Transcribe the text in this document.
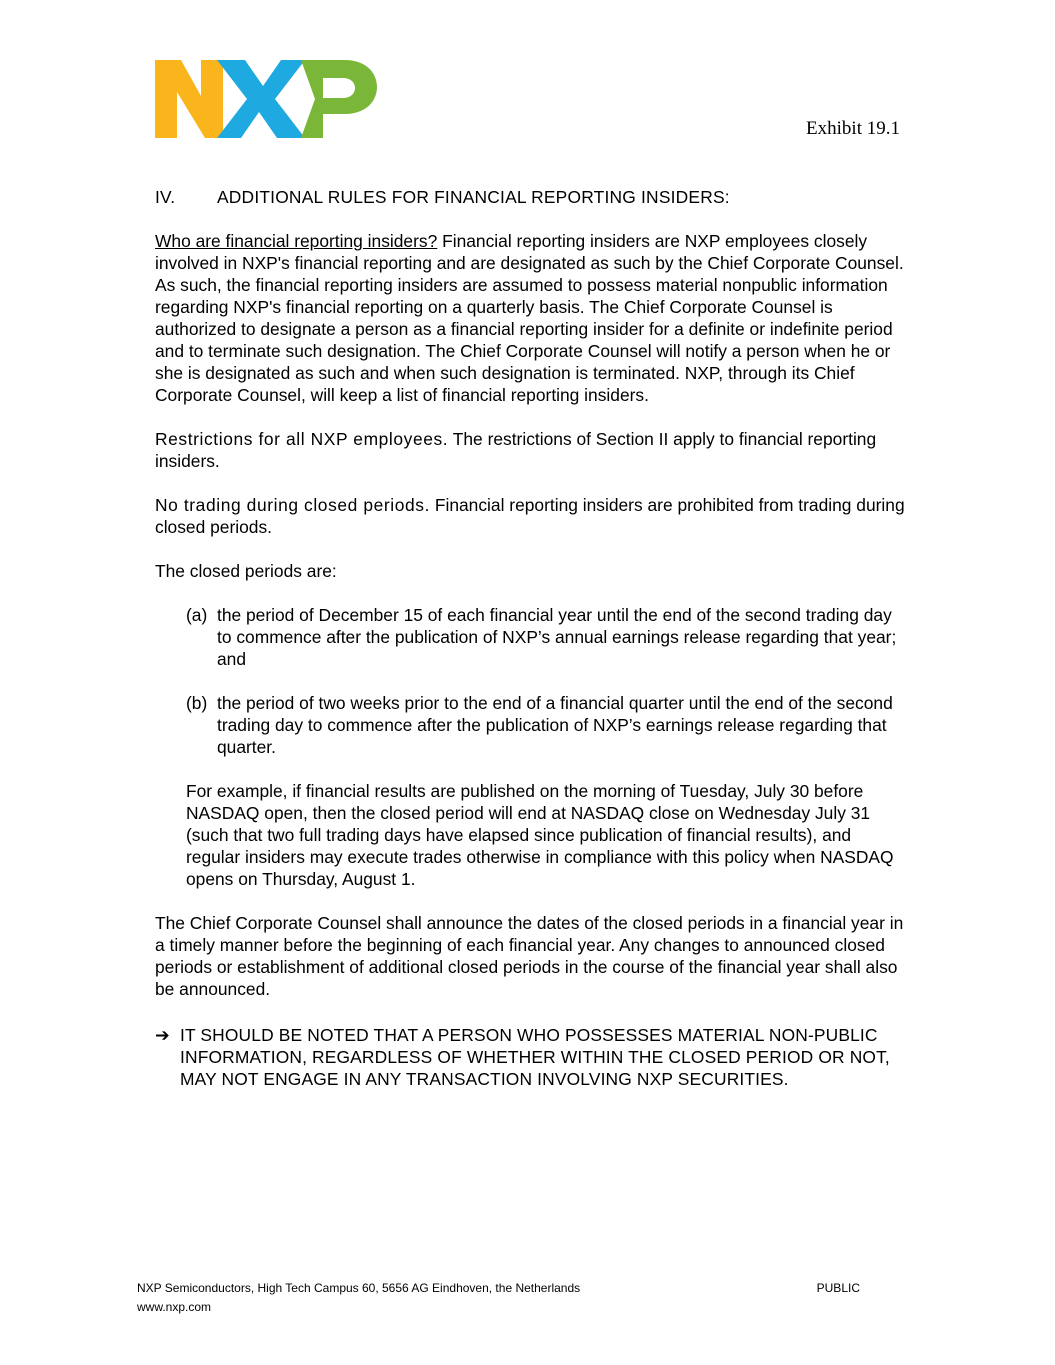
Exhibit 19.1
IV.	ADDITIONAL RULES FOR FINANCIAL REPORTING INSIDERS:

Who are financial reporting insiders? Financial reporting insiders are NXP employees closely involved in NXP's financial reporting and are designated as such by the Chief Corporate Counsel. As such, the financial reporting insiders are assumed to possess material nonpublic information regarding NXP's financial reporting on a quarterly basis. The Chief Corporate Counsel is authorized to designate a person as a financial reporting insider for a definite or indefinite period and to terminate such designation. The Chief Corporate Counsel will notify a person when he or she is designated as such and when such designation is terminated. NXP, through its Chief Corporate Counsel, will keep a list of financial reporting insiders.

Restrictions for all NXP employees. The restrictions of Section II apply to financial reporting insiders.

No trading during closed periods. Financial reporting insiders are prohibited from trading during closed periods.

The closed periods are:

(a) the period of December 15 of each financial year until the end of the second trading day to commence after the publication of NXP’s annual earnings release regarding that year; and
(b) the period of two weeks prior to the end of a financial quarter until the end of the second trading day to commence after the publication of NXP’s earnings release regarding that quarter.

For example, if financial results are published on the morning of Tuesday, July 30 before NASDAQ open, then the closed period will end at NASDAQ close on Wednesday July 31 (such that two full trading days have elapsed since publication of financial results), and regular insiders may execute trades otherwise in compliance with this policy when NASDAQ opens on Thursday, August 1.

The Chief Corporate Counsel shall announce the dates of the closed periods in a financial year in a timely manner before the beginning of each financial year. Any changes to announced closed periods or establishment of additional closed periods in the course of the financial year shall also be announced.

➔ IT SHOULD BE NOTED THAT A PERSON WHO POSSESSES MATERIAL NON-PUBLIC INFORMATION, REGARDLESS OF WHETHER WITHIN THE CLOSED PERIOD OR NOT, MAY NOT ENGAGE IN ANY TRANSACTION INVOLVING NXP SECURITIES.
NXP Semiconductors, High Tech Campus 60, 5656 AG Eindhoven, the Netherlands	PUBLIC
www.nxp.com
